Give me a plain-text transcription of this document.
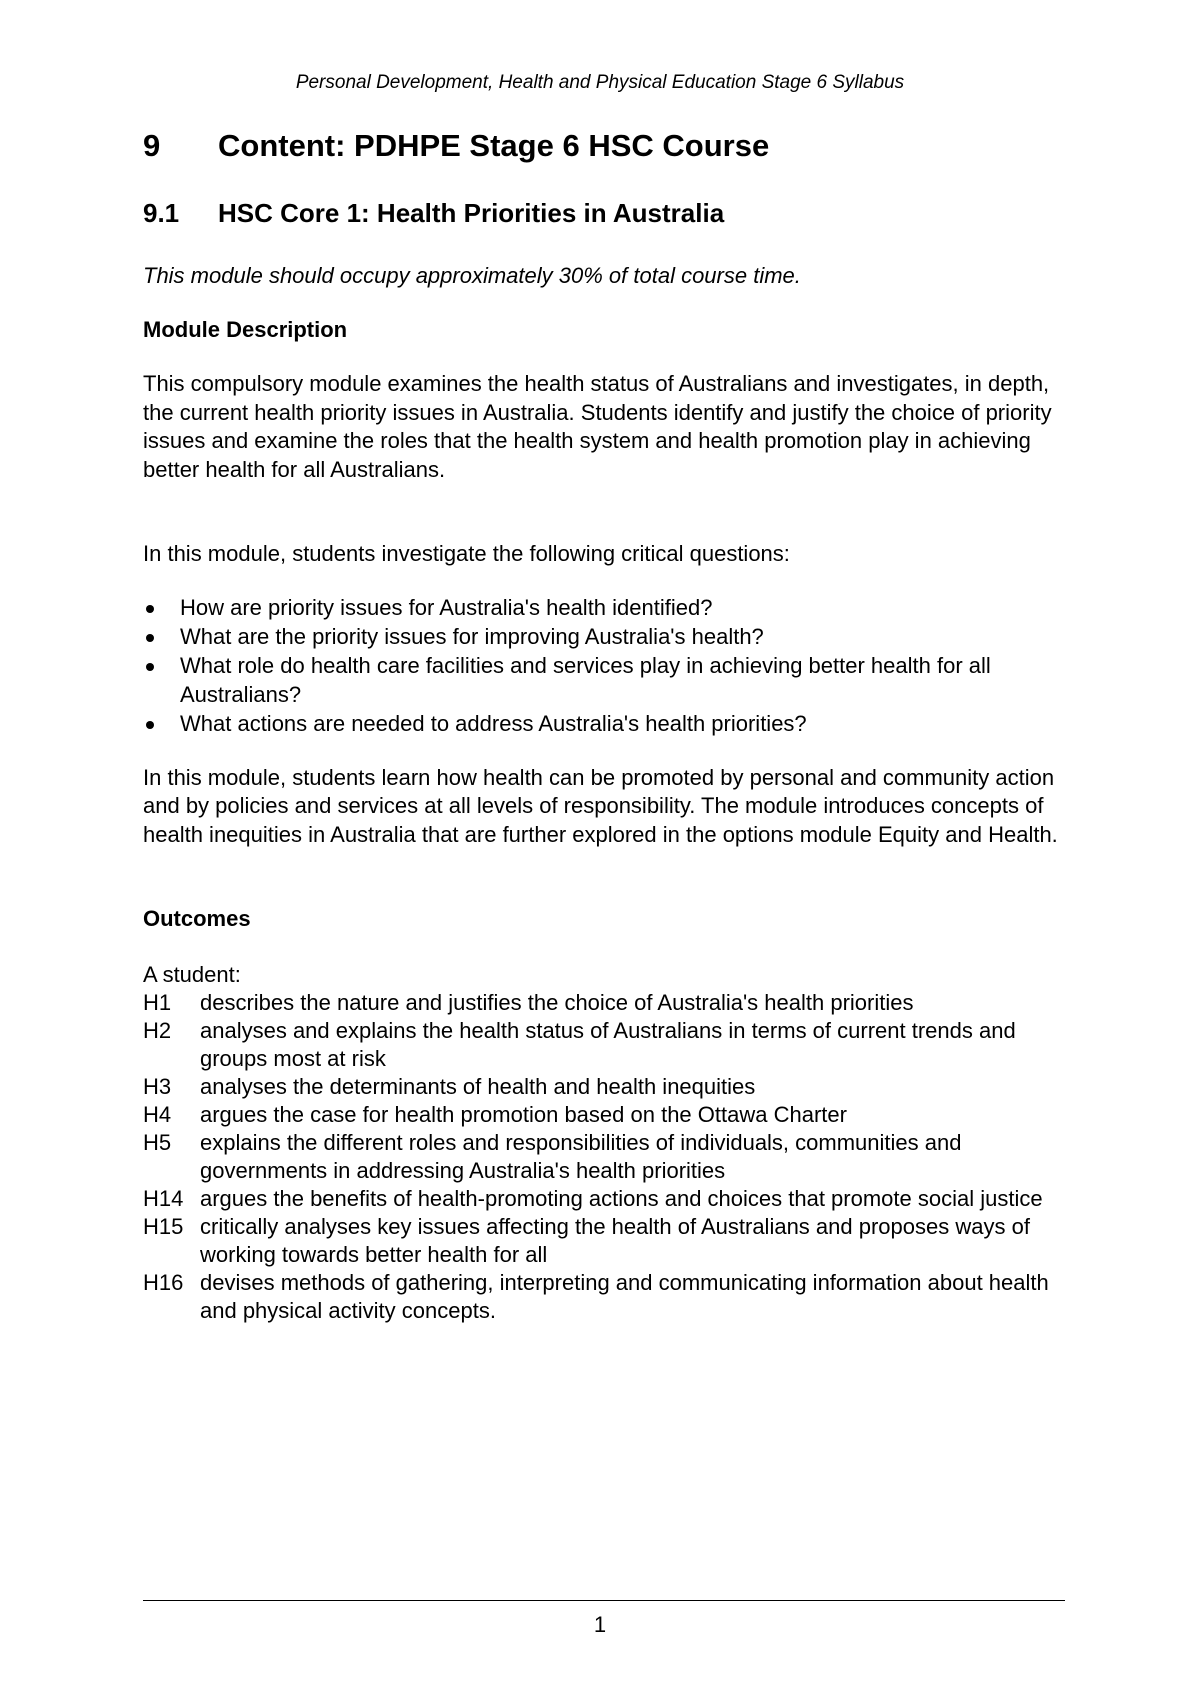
Personal Development, Health and Physical Education Stage 6 Syllabus
9	Content: PDHPE Stage 6 HSC Course
9.1	HSC Core 1: Health Priorities in Australia
This module should occupy approximately 30% of total course time.
Module Description
This compulsory module examines the health status of Australians and investigates, in depth, the current health priority issues in Australia. Students identify and justify the choice of priority issues and examine the roles that the health system and health promotion play in achieving better health for all Australians.
In this module, students investigate the following critical questions:
How are priority issues for Australia's health identified?
What are the priority issues for improving Australia's health?
What role do health care facilities and services play in achieving better health for all Australians?
What actions are needed to address Australia's health priorities?
In this module, students learn how health can be promoted by personal and community action and by policies and services at all levels of responsibility. The module introduces concepts of health inequities in Australia that are further explored in the options module Equity and Health.
Outcomes
A student:
H1	describes the nature and justifies the choice of Australia's health priorities
H2	analyses and explains the health status of Australians in terms of current trends and groups most at risk
H3	analyses the determinants of health and health inequities
H4	argues the case for health promotion based on the Ottawa Charter
H5	explains the different roles and responsibilities of individuals, communities and governments in addressing Australia's health priorities
H14 argues the benefits of health-promoting actions and choices that promote social justice
H15 critically analyses key issues affecting the health of Australians and proposes ways of working towards better health for all
H16 devises methods of gathering, interpreting and communicating information about health and physical activity concepts.
1
